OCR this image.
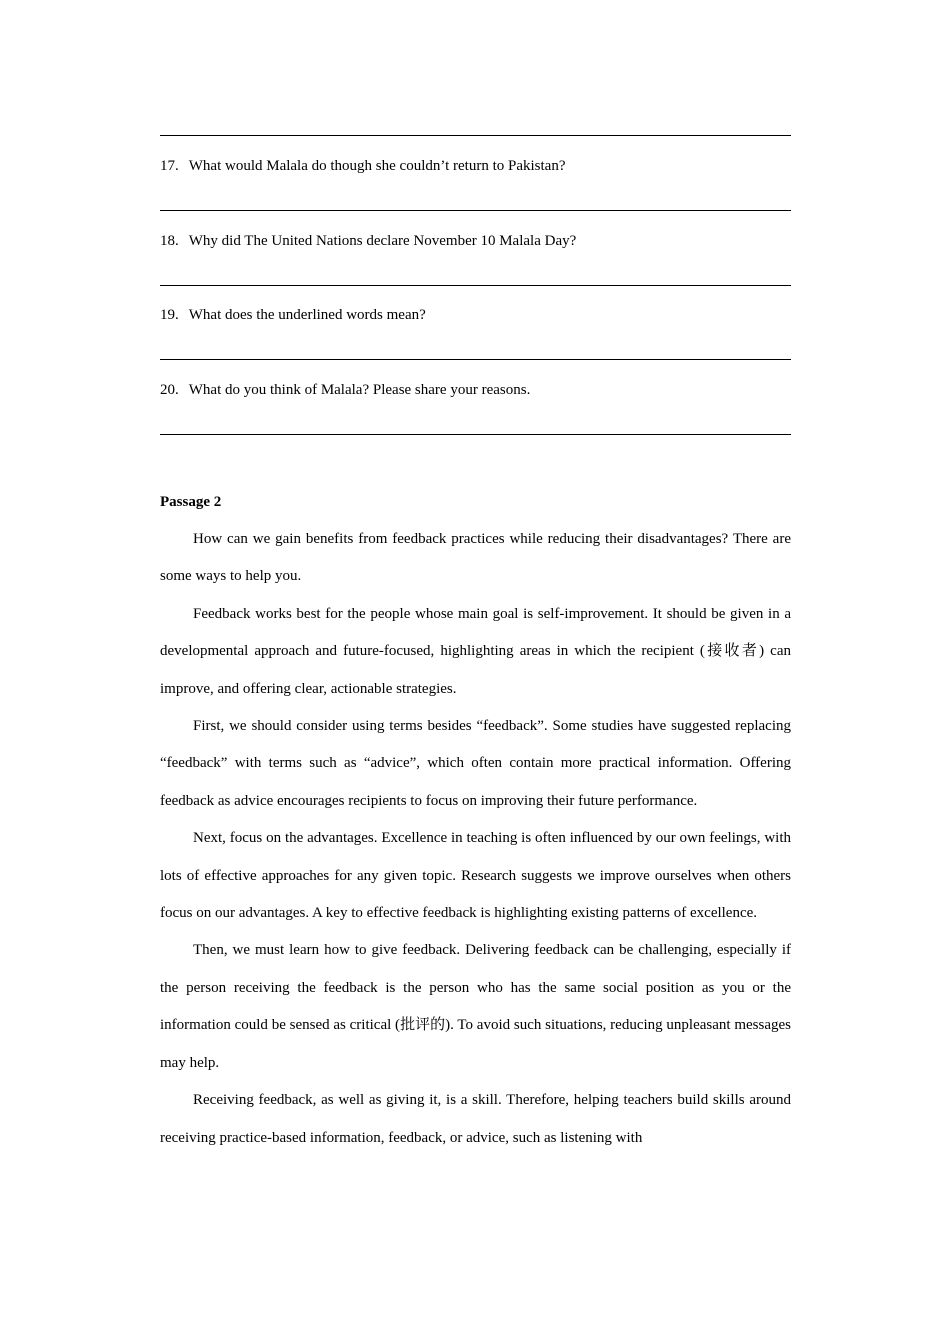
17. What would Malala do though she couldn’t return to Pakistan?
18. Why did The United Nations declare November 10 Malala Day?
19. What does the underlined words mean?
20. What do you think of Malala? Please share your reasons.
Passage 2

How can we gain benefits from feedback practices while reducing their disadvantages? There are some ways to help you.

Feedback works best for the people whose main goal is self-improvement. It should be given in a developmental approach and future-focused, highlighting areas in which the recipient (接收者) can improve, and offering clear, actionable strategies.

First, we should consider using terms besides “feedback”. Some studies have suggested replacing “feedback” with terms such as “advice”, which often contain more practical information. Offering feedback as advice encourages recipients to focus on improving their future performance.

Next, focus on the advantages. Excellence in teaching is often influenced by our own feelings, with lots of effective approaches for any given topic. Research suggests we improve ourselves when others focus on our advantages. A key to effective feedback is highlighting existing patterns of excellence.

Then, we must learn how to give feedback. Delivering feedback can be challenging, especially if the person receiving the feedback is the person who has the same social position as you or the information could be sensed as critical (批评的). To avoid such situations, reducing unpleasant messages may help.

Receiving feedback, as well as giving it, is a skill. Therefore, helping teachers build skills around receiving practice-based information, feedback, or advice, such as listening with
